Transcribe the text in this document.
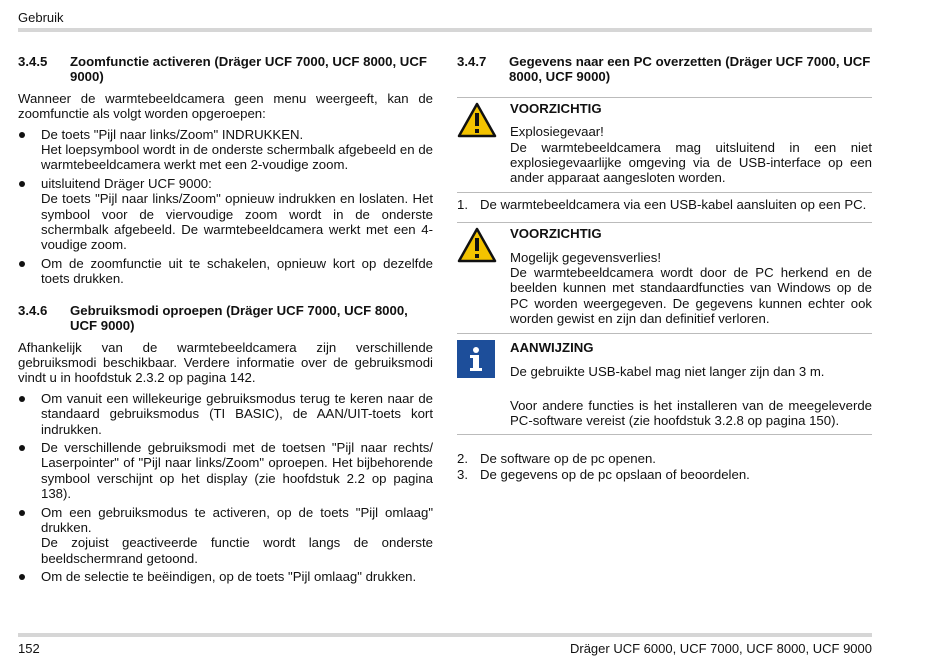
Gebruik
3.4.5	Zoomfunctie activeren (Dräger UCF 7000, UCF 8000, UCF 9000)

Wanneer de warmtebeeldcamera geen menu weergeeft, kan de zoomfunctie als volgt worden opgeroepen:

De toets "Pijl naar links/Zoom" INDRUKKEN.
Het loepsymbool wordt in de onderste schermbalk afgebeeld en de warmtebeeldcamera werkt met een 2-voudige zoom.
uitsluitend Dräger UCF 9000:
De toets "Pijl naar links/Zoom" opnieuw indrukken en loslaten. Het symbool voor de viervoudige zoom wordt in de onderste schermbalk afgebeeld. De warmtebeeldcamera werkt met een 4-voudige zoom.
Om de zoomfunctie uit te schakelen, opnieuw kort op dezelfde toets drukken.
3.4.6	Gebruiksmodi oproepen (Dräger UCF 7000, UCF 8000, UCF 9000)

Afhankelijk van de warmtebeeldcamera zijn verschillende gebruiksmodi beschikbaar. Verdere informatie over de gebruiksmodi vindt u in hoofdstuk 2.3.2 op pagina 142.

Om vanuit een willekeurige gebruiksmodus terug te keren naar de standaard gebruiksmodus (TI BASIC), de AAN/UIT-toets kort indrukken.
De verschillende gebruiksmodi met de toetsen "Pijl naar rechts/ Laserpointer" of "Pijl naar links/Zoom" oproepen. Het bijbehorende symbool verschijnt op het display (zie hoofdstuk 2.2 op pagina 138).
Om een gebruiksmodus te activeren, op de toets "Pijl omlaag" drukken.
De zojuist geactiveerde functie wordt langs de onderste beeldschermrand getoond.
Om de selectie te beëindigen, op de toets "Pijl omlaag" drukken.
3.4.7	Gegevens naar een PC overzetten (Dräger UCF 7000, UCF 8000, UCF 9000)
VOORZICHTIG

Explosiegevaar!

De warmtebeeldcamera mag uitsluitend in een niet explosiegevaarlijke omgeving via de USB-interface op een ander apparaat aangesloten worden.

1. De warmtebeeldcamera via een USB-kabel aansluiten op een PC.
VOORZICHTIG

Mogelijk gegevensverlies!

De warmtebeeldcamera wordt door de PC herkend en de beelden kunnen met standaardfuncties van Windows op de PC worden weergegeven. De gegevens kunnen echter ook worden gewist en zijn dan definitief verloren.

AANWIJZING

De gebruikte USB-kabel mag niet langer zijn dan 3 m.

Voor andere functies is het installeren van de meegeleverde PC-software vereist (zie hoofdstuk 3.2.8 op pagina 150).

2. De software op de pc openen.
3. De gegevens op de pc opslaan of beoordelen.
152	Dräger UCF 6000, UCF 7000, UCF 8000, UCF 9000
